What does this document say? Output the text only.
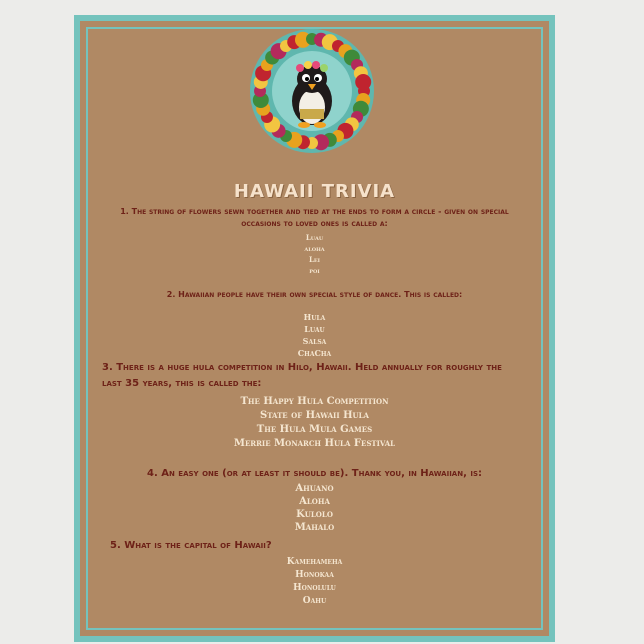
HAWAII TRIVIA
1. The string of flowers sewn together and tied at the ends to form a circle - given on special occasions to loved ones is called a:
Luau
aloha
Lei
poi
2. Hawaiian people have their own special style of dance. This is called:
Hula
Luau
Salsa
ChaCha
3. There is a huge hula competition in Hilo, Hawaii. Held annually for roughly the last 35 years, this is called the:
The Happy Hula Competition
State of Hawaii Hula
The Hula Mula Games
Merrie Monarch Hula Festival
4. An easy one (or at least it should be). Thank you, in Hawaiian, is:
Ahuano
Aloha
Kulolo
Mahalo
5. What is the capital of Hawaii?
Kamehameha
Honokaa
Honolulu
Oahu
